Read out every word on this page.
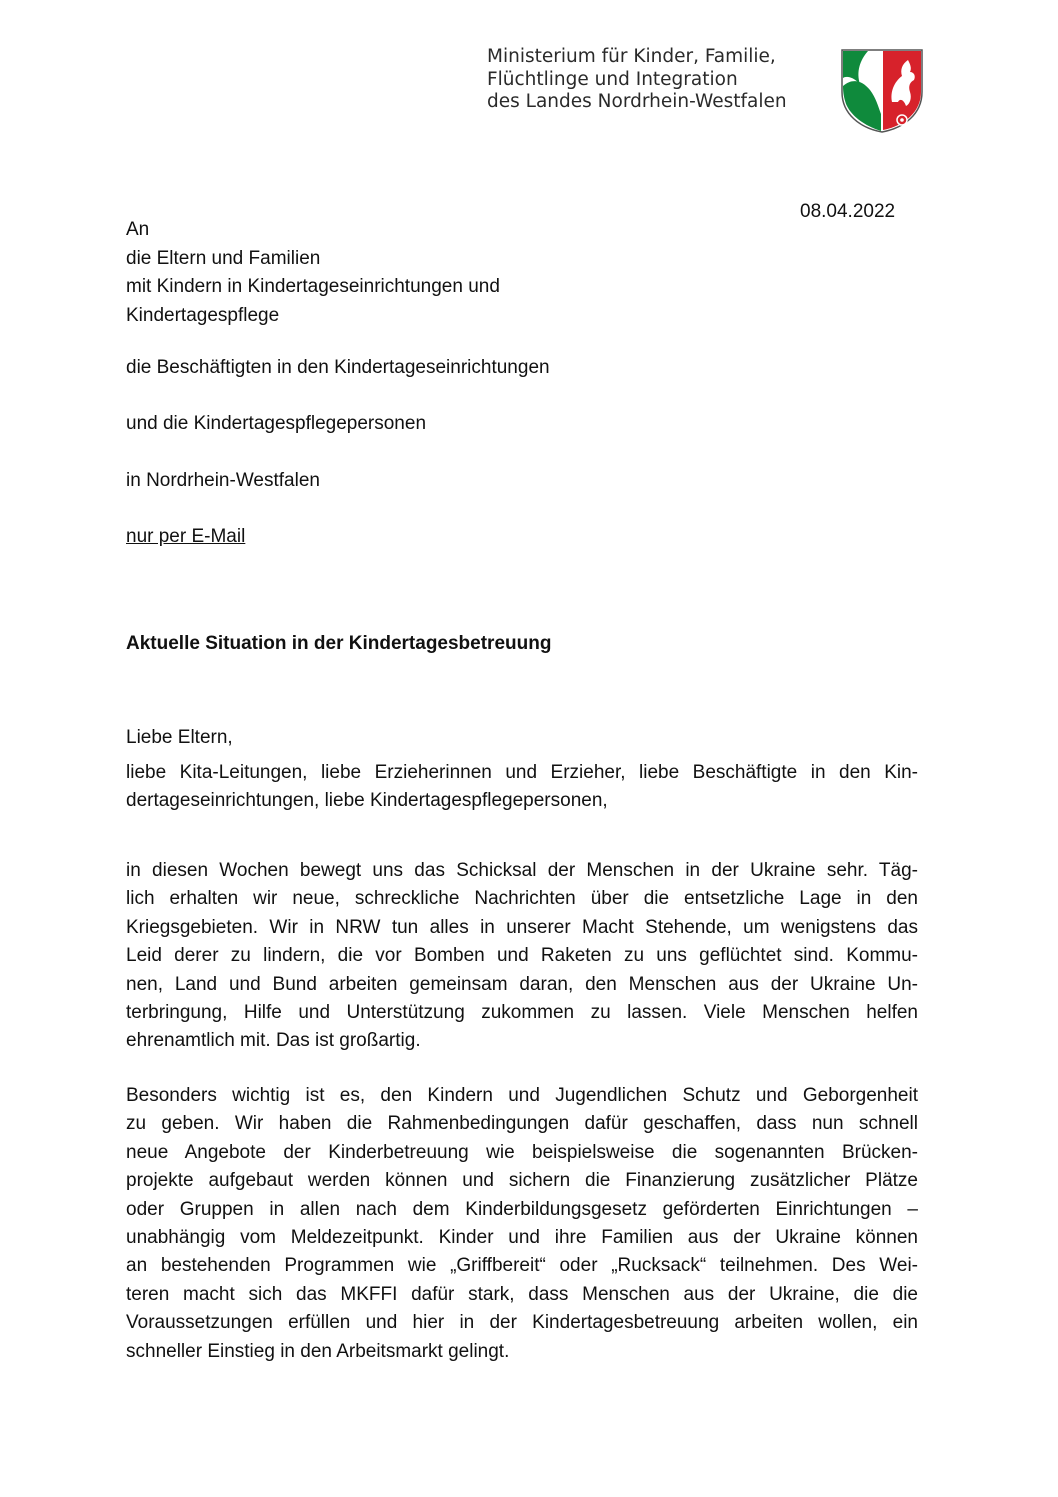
Ministerium für Kinder, Familie,
Flüchtlinge und Integration
des Landes Nordrhein-Westfalen
08.04.2022
An
die Eltern und Familien
mit Kindern in Kindertageseinrichtungen und
Kindertagespflege
die Beschäftigten in den Kindertageseinrichtungen
und die Kindertagespflegepersonen
in Nordrhein-Westfalen
nur per E-Mail
Aktuelle Situation in der Kindertagesbetreuung
Liebe Eltern,
liebe Kita-Leitungen, liebe Erzieherinnen und Erzieher, liebe Beschäftigte in den Kin-
dertageseinrichtungen, liebe Kindertagespflegepersonen,
in diesen Wochen bewegt uns das Schicksal der Menschen in der Ukraine sehr. Täg-
lich erhalten wir neue, schreckliche Nachrichten über die entsetzliche Lage in den
Kriegsgebieten. Wir in NRW tun alles in unserer Macht Stehende, um wenigstens das
Leid derer zu lindern, die vor Bomben und Raketen zu uns geflüchtet sind. Kommu-
nen, Land und Bund arbeiten gemeinsam daran, den Menschen aus der Ukraine Un-
terbringung, Hilfe und Unterstützung zukommen zu lassen. Viele Menschen helfen
ehrenamtlich mit. Das ist großartig.
Besonders wichtig ist es, den Kindern und Jugendlichen Schutz und Geborgenheit
zu geben. Wir haben die Rahmenbedingungen dafür geschaffen, dass nun schnell
neue Angebote der Kinderbetreuung wie beispielsweise die sogenannten Brücken-
projekte aufgebaut werden können und sichern die Finanzierung zusätzlicher Plätze
oder Gruppen in allen nach dem Kinderbildungsgesetz geförderten Einrichtungen –
unabhängig vom Meldezeitpunkt. Kinder und ihre Familien aus der Ukraine können
an bestehenden Programmen wie „Griffbereit“ oder „Rucksack“ teilnehmen. Des Wei-
teren macht sich das MKFFI dafür stark, dass Menschen aus der Ukraine, die die
Voraussetzungen erfüllen und hier in der Kindertagesbetreuung arbeiten wollen, ein
schneller Einstieg in den Arbeitsmarkt gelingt.
